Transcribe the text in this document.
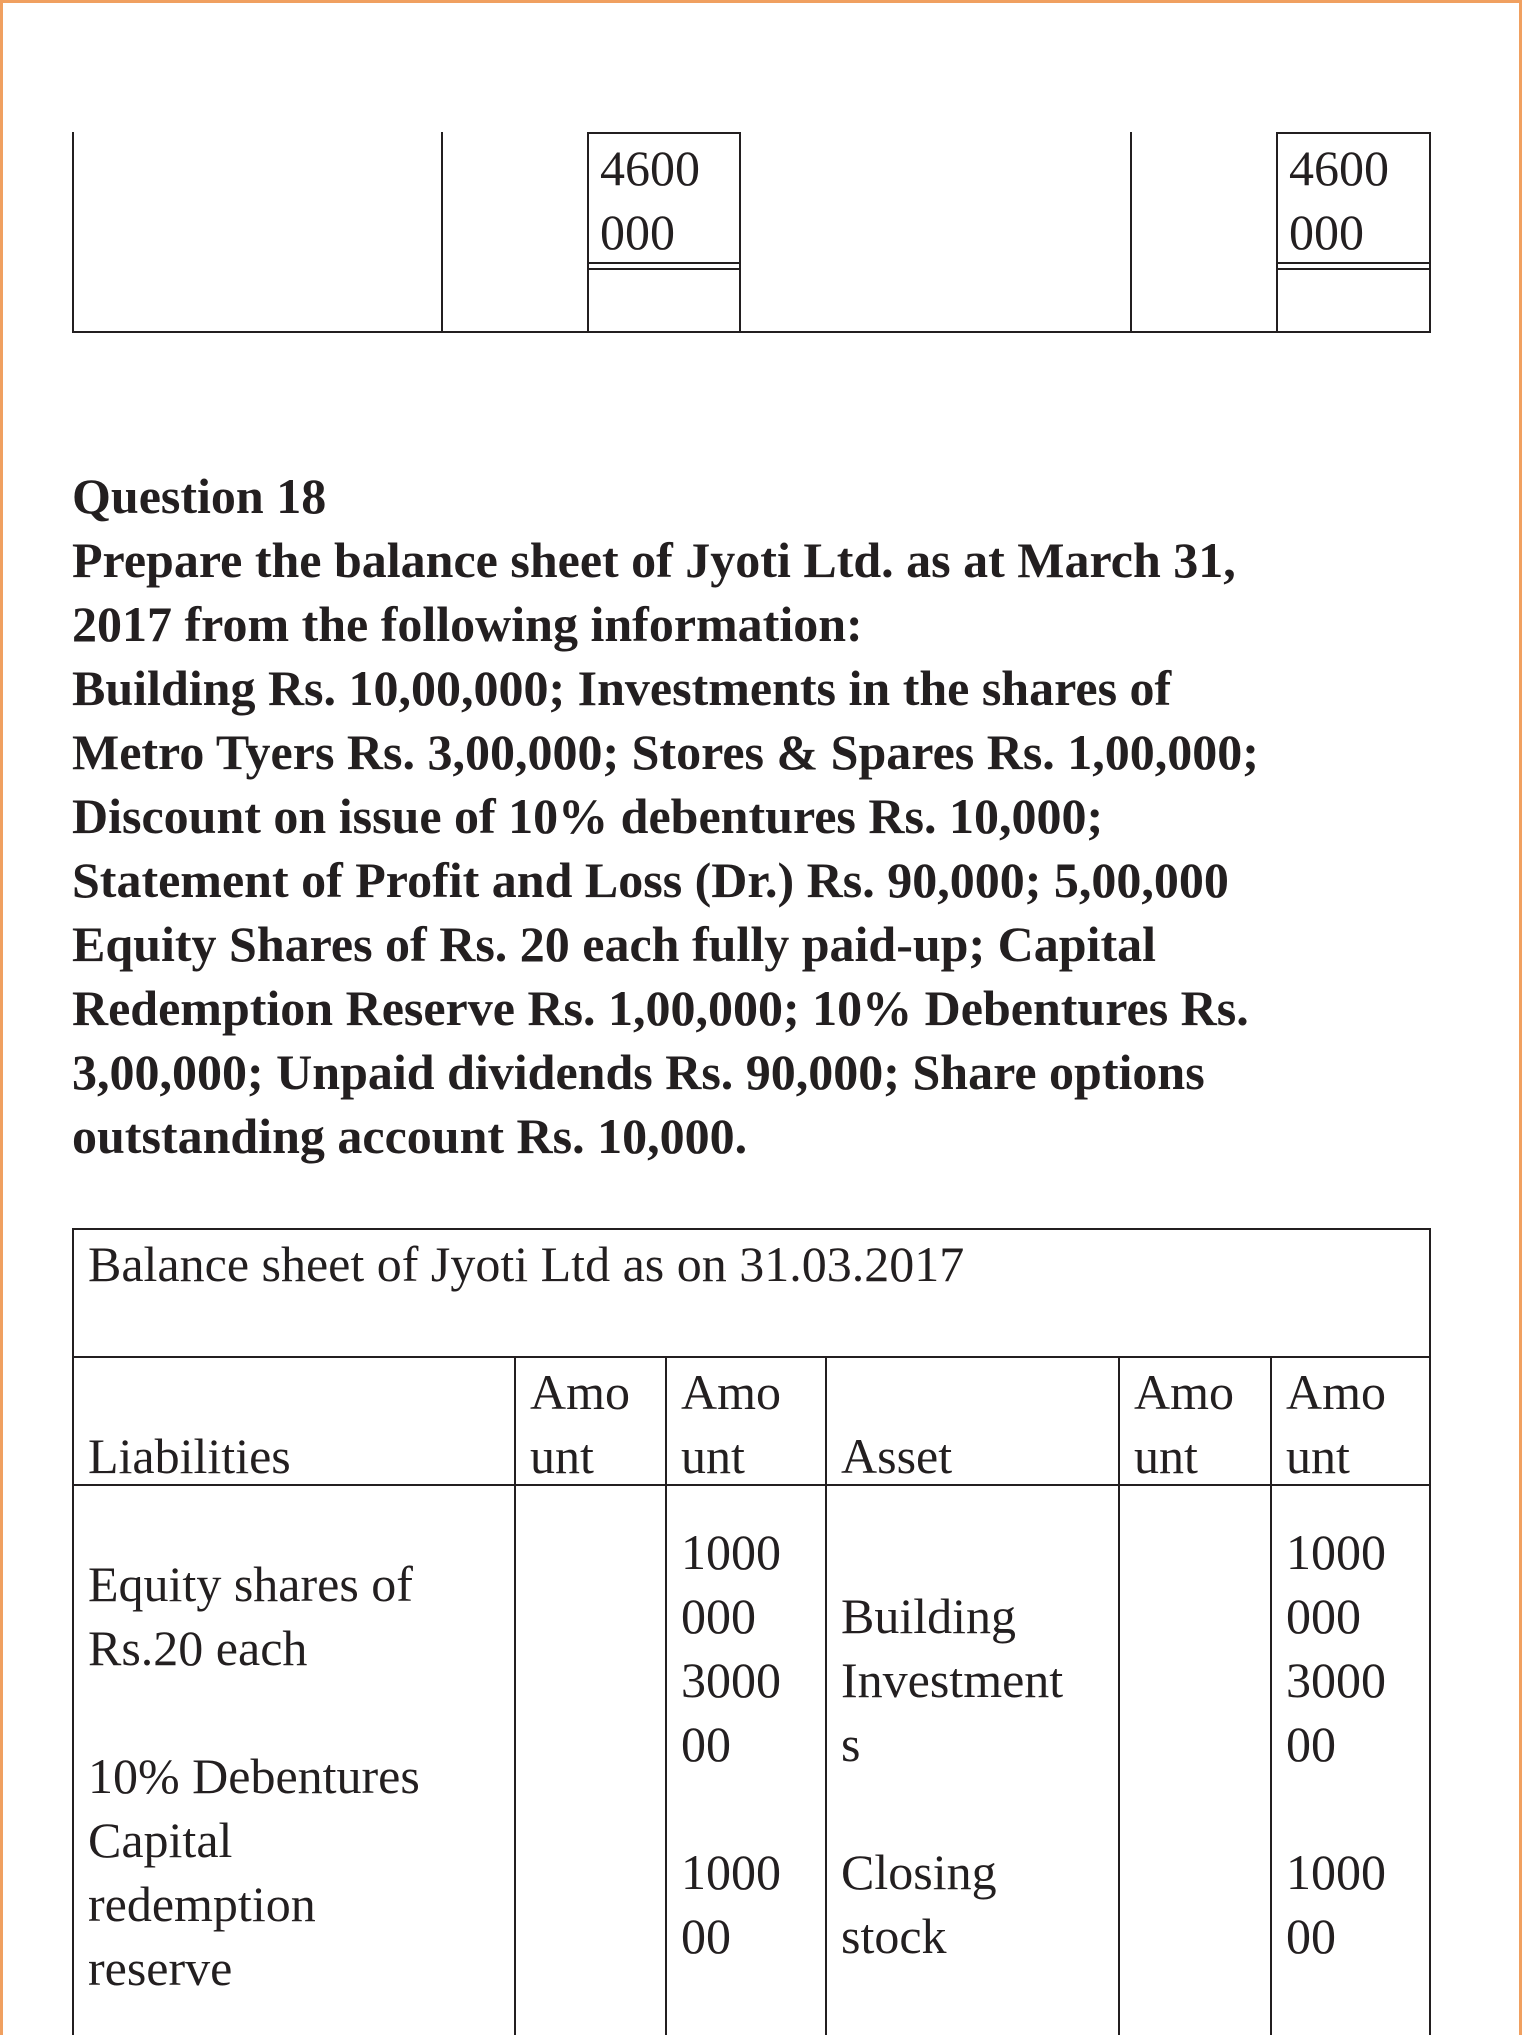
4600
000
4600
000
Question 18
Prepare the balance sheet of Jyoti Ltd. as at March 31,
2017 from the following information:
Building Rs. 10,00,000; Investments in the shares of
Metro Tyers Rs. 3,00,000; Stores & Spares Rs. 1,00,000;
Discount on issue of 10% debentures Rs. 10,000;
Statement of Profit and Loss (Dr.) Rs. 90,000; 5,00,000
Equity Shares of Rs. 20 each fully paid-up; Capital
Redemption Reserve Rs. 1,00,000; 10% Debentures Rs.
3,00,000; Unpaid dividends Rs. 90,000; Share options
outstanding account Rs. 10,000.
Balance sheet of Jyoti Ltd as on 31.03.2017
Liabilities
Amo
unt
Amo
unt	Asset
Amo
unt
Amo
unt

Equity shares of
Rs.20 each

10% Debentures
Capital
redemption
reserve
1000
000
3000
00

1000
00
Building
Investment
s

Closing
stock
1000
000
3000
00

1000
00
